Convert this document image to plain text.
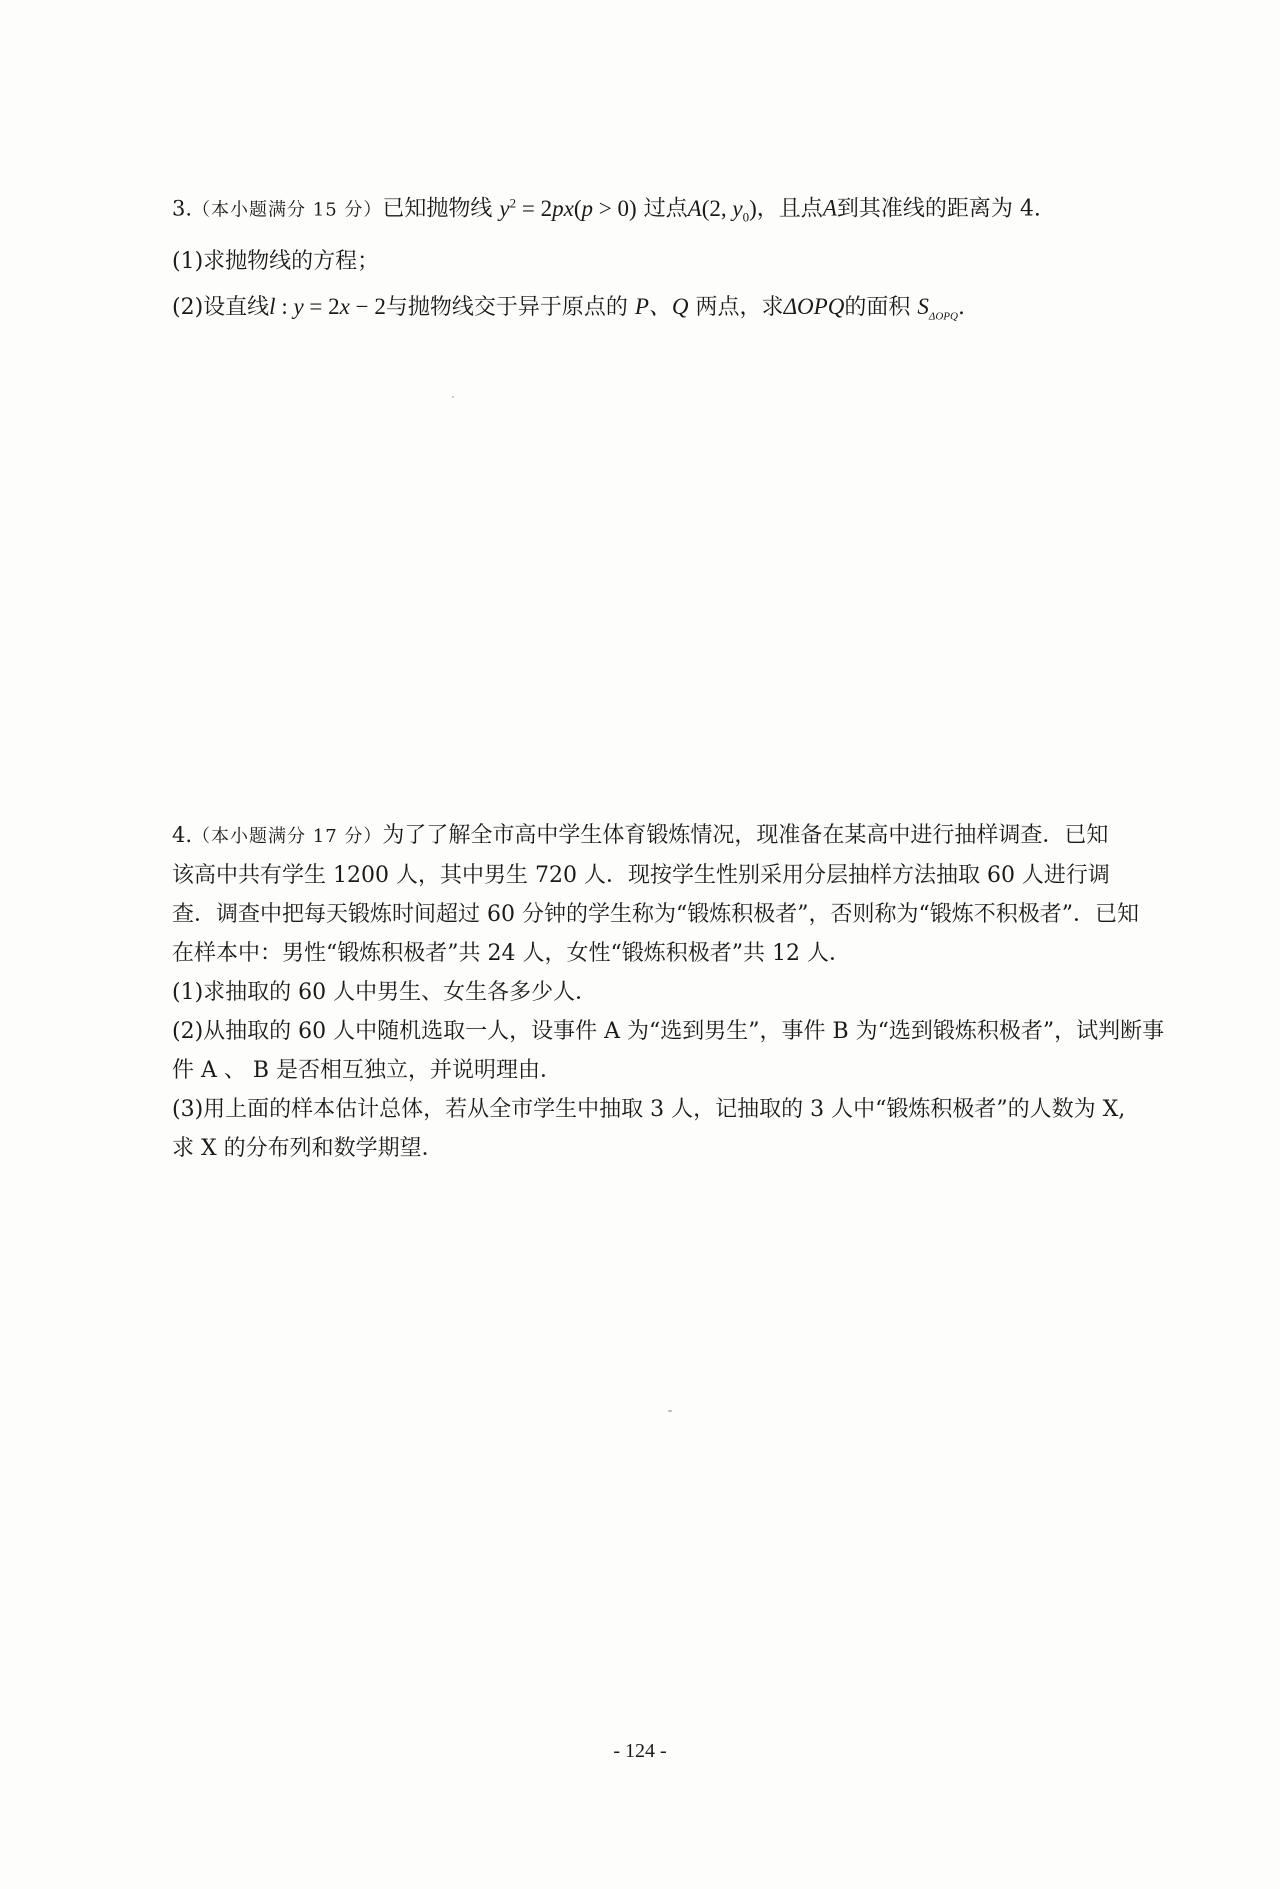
3.（本小题满分 15 分）已知抛物线 $y^2 = 2px(p > 0)$ 过点A(2, $y_0$)，且点A到其准线的距离为 4.
(1)求抛物线的方程；
(2)设直线l : y = 2x − 2与抛物线交于异于原点的 P、Q 两点，求ΔOPQ的面积 $S_{\Delta OPQ}$.
4.（本小题满分 17 分）为了了解全市高中学生体育锻炼情况，现准备在某高中进行抽样调查．已知
该高中共有学生 1200 人，其中男生 720 人．现按学生性别采用分层抽样方法抽取 60 人进行调
查．调查中把每天锻炼时间超过 60 分钟的学生称为“锻炼积极者”，否则称为“锻炼不积极者”．已知
在样本中：男性“锻炼积极者”共 24 人，女性“锻炼积极者”共 12 人．
(1)求抽取的 60 人中男生、女生各多少人．
(2)从抽取的 60 人中随机选取一人，设事件 A 为“选到男生”，事件 B 为“选到锻炼积极者”，试判断事
件 A 、 B 是否相互独立，并说明理由．
(3)用上面的样本估计总体，若从全市学生中抽取 3 人，记抽取的 3 人中“锻炼积极者”的人数为 X,
求 X 的分布列和数学期望．
- 124 -
